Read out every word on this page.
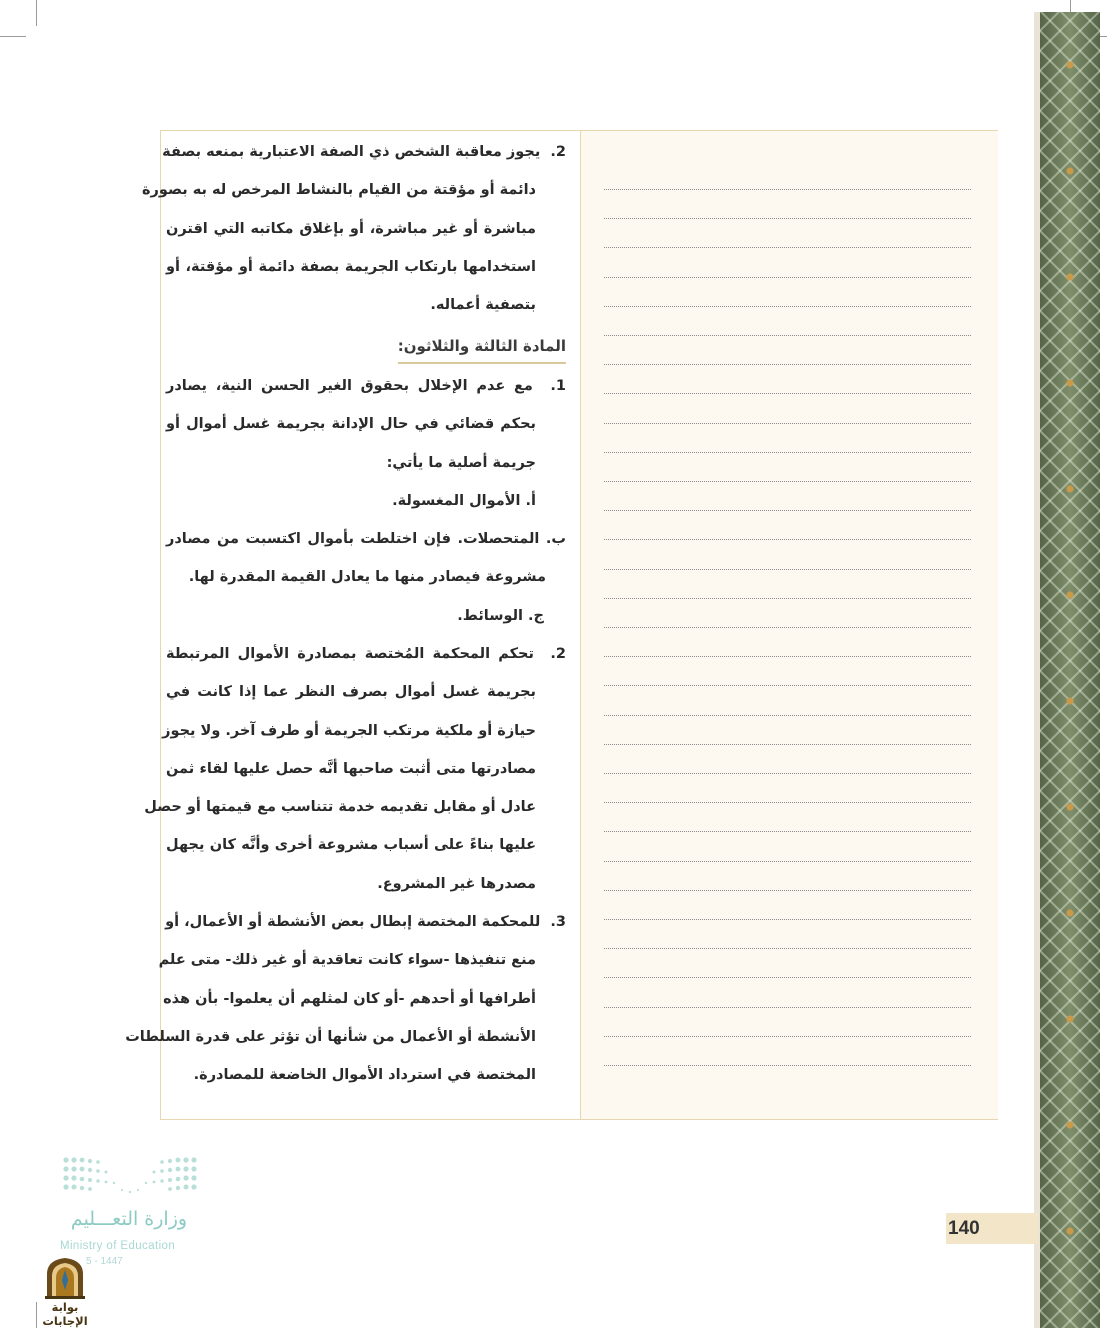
2.  يجوز معاقبة الشخص ذي الصفة الاعتبارية بمنعه بصفة
دائمة أو مؤقتة من القيام بالنشاط المرخص له به بصورة
مباشرة أو غير مباشرة، أو بإغلاق مكاتبه التي اقترن
استخدامها بارتكاب الجريمة بصفة دائمة أو مؤقتة، أو
بتصفية أعماله.
المادة الثالثة والثلاثون:
1.  مع عدم الإخلال بحقوق الغير الحسن النية، يصادر
بحكم قضائي في حال الإدانة بجريمة غسل أموال أو
جريمة أصلية ما يأتي:
أ. الأموال المغسولة.
ب. المتحصلات. فإن اختلطت بأموال اكتسبت من مصادر
مشروعة فيصادر منها ما يعادل القيمة المقدرة لها.
ج. الوسائط.
2.  تحكم المحكمة المُختصة بمصادرة الأموال المرتبطة
بجريمة غسل أموال بصرف النظر عما إذا كانت في
حيازة أو ملكية مرتكب الجريمة أو طرف آخر. ولا يجوز
مصادرتها متى أثبت صاحبها أنَّه حصل عليها لقاء ثمن
عادل أو مقابل تقديمه خدمة تتناسب مع قيمتها أو حصل
عليها بناءً على أسباب مشروعة أخرى وأنَّه كان يجهل
مصدرها غير المشروع.
3.  للمحكمة المختصة إبطال بعض الأنشطة أو الأعمال، أو
منع تنفيذها -سواء كانت تعاقدية أو غير ذلك- متى علم
أطرافها أو أحدهم -أو كان لمثلهم أن يعلموا- بأن هذه
الأنشطة أو الأعمال من شأنها أن تؤثر على قدرة السلطات
المختصة في استرداد الأموال الخاضعة للمصادرة.
140
وزارة التعـــليم
Ministry of Education
5 - 1447
بوابة الإجابات
